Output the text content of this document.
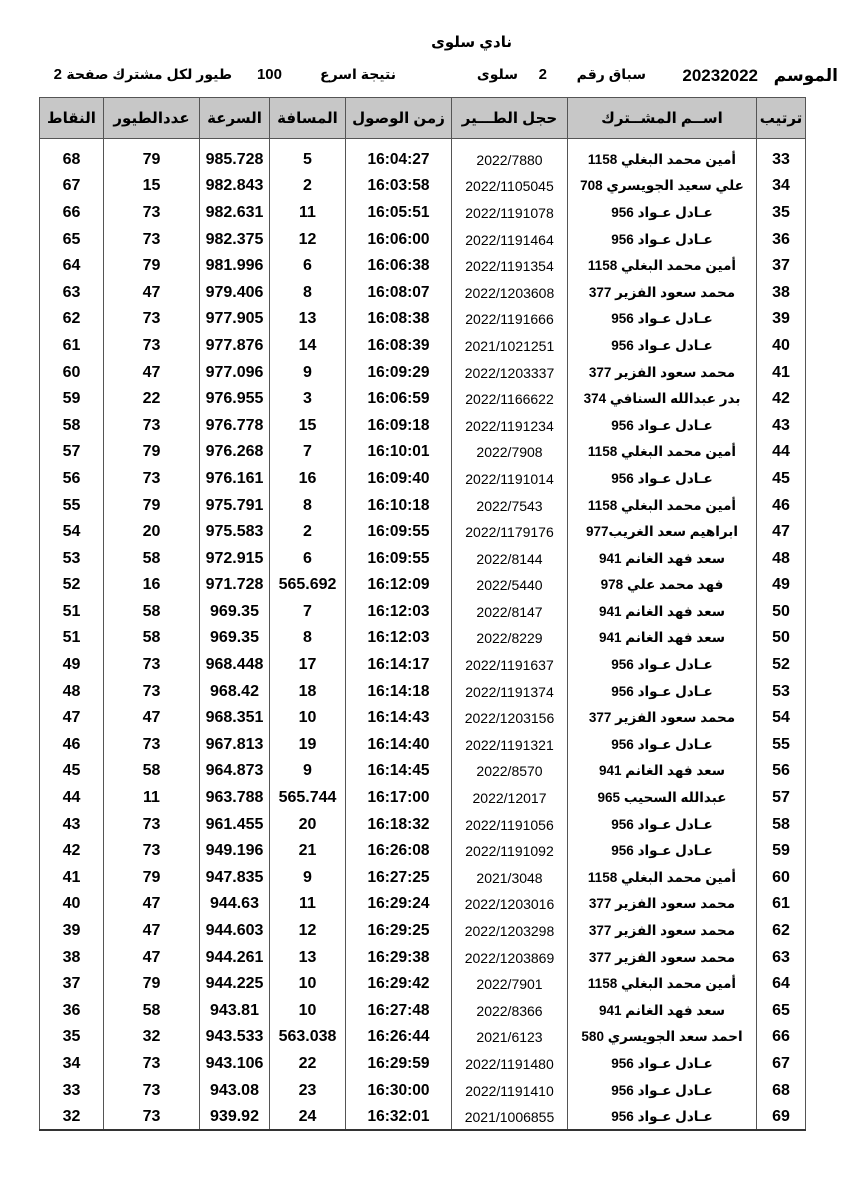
نادي سلوى
الموسم
20232022
سباق رقم
2
سلوى
نتيجة اسرع
100
طيور لكل مشترك صفحة
2
ترتيب	اســم المشــترك	حجل الطـــير	زمن الوصول	المسافة	السرعة	عددالطيور	النقاط

33	أمين محمد البغلي 1158	2022/7880	16:04:27	5	985.728	79	68
34	علي سعيد الجويسري 708	2022/1105045	16:03:58	2	982.843	15	67
35	عـادل عـواد 956	2022/1191078	16:05:51	11	982.631	73	66
36	عـادل عـواد 956	2022/1191464	16:06:00	12	982.375	73	65
37	أمين محمد البغلي 1158	2022/1191354	16:06:38	6	981.996	79	64
38	محمد سعود الفزير 377	2022/1203608	16:08:07	8	979.406	47	63
39	عـادل عـواد 956	2022/1191666	16:08:38	13	977.905	73	62
40	عـادل عـواد 956	2021/1021251	16:08:39	14	977.876	73	61
41	محمد سعود الفزير 377	2022/1203337	16:09:29	9	977.096	47	60
42	بدر عبدالله السنافي 374	2022/1166622	16:06:59	3	976.955	22	59
43	عـادل عـواد 956	2022/1191234	16:09:18	15	976.778	73	58
44	أمين محمد البغلي 1158	2022/7908	16:10:01	7	976.268	79	57
45	عـادل عـواد 956	2022/1191014	16:09:40	16	976.161	73	56
46	أمين محمد البغلي 1158	2022/7543	16:10:18	8	975.791	79	55
47	ابراهيم سعد الغريب977	2022/1179176	16:09:55	2	975.583	20	54
48	سعد فهد الغانم 941	2022/8144	16:09:55	6	972.915	58	53
49	فهد محمد علي 978	2022/5440	16:12:09	565.692	971.728	16	52
50	سعد فهد الغانم 941	2022/8147	16:12:03	7	969.35	58	51
50	سعد فهد الغانم 941	2022/8229	16:12:03	8	969.35	58	51
52	عـادل عـواد 956	2022/1191637	16:14:17	17	968.448	73	49
53	عـادل عـواد 956	2022/1191374	16:14:18	18	968.42	73	48
54	محمد سعود الفزير 377	2022/1203156	16:14:43	10	968.351	47	47
55	عـادل عـواد 956	2022/1191321	16:14:40	19	967.813	73	46
56	سعد فهد الغانم 941	2022/8570	16:14:45	9	964.873	58	45
57	عبدالله السحيب 965	2022/12017	16:17:00	565.744	963.788	11	44
58	عـادل عـواد 956	2022/1191056	16:18:32	20	961.455	73	43
59	عـادل عـواد 956	2022/1191092	16:26:08	21	949.196	73	42
60	أمين محمد البغلي 1158	2021/3048	16:27:25	9	947.835	79	41
61	محمد سعود الفزير 377	2022/1203016	16:29:24	11	944.63	47	40
62	محمد سعود الفزير 377	2022/1203298	16:29:25	12	944.603	47	39
63	محمد سعود الفزير 377	2022/1203869	16:29:38	13	944.261	47	38
64	أمين محمد البغلي 1158	2022/7901	16:29:42	10	944.225	79	37
65	سعد فهد الغانم 941	2022/8366	16:27:48	10	943.81	58	36
66	احمد سعد الجويسري 580	2021/6123	16:26:44	563.038	943.533	32	35
67	عـادل عـواد 956	2022/1191480	16:29:59	22	943.106	73	34
68	عـادل عـواد 956	2022/1191410	16:30:00	23	943.08	73	33
69	عـادل عـواد 956	2021/1006855	16:32:01	24	939.92	73	32
